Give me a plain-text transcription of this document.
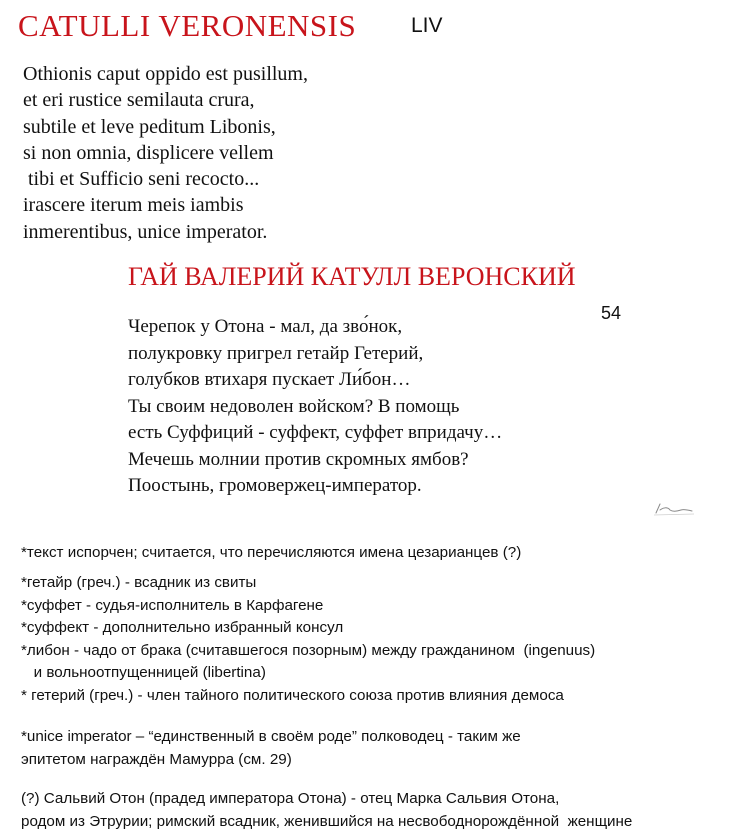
CATULLI VERONENSIS	LIV
Othionis caput oppido est pusillum,
et eri rustice semilauta crura,
subtile et leve peditum Libonis,
si non omnia, displicere vellem
tibi et Sufficio seni recocto...
irascere iterum meis iambis
inmerentibus, unice imperator.
ГАЙ ВАЛЕРИЙ КАТУЛЛ ВЕРОНСКИЙ
54
Черепок у Отона - мал, да зво́нок,
полукровку пригрел гетайр Гетерий,
голубков втихаря пускает Ли́бон…
Ты своим недоволен войском? В помощь
есть Суффиций - суффект, суффет впридачу…
Мечешь молнии против скромных ямбов?
Поостынь, громовержец-император.
*текст испорчен; считается, что перечисляются имена цезарианцев (?)
*гетайр (греч.) - всадник из свиты
*суффет - судья-исполнитель в Карфагене
*суффект - дополнительно избранный консул
*либон - чадо от брака (считавшегося позорным) между гражданином  (ingenuus)
и вольноотпущенницей (libertina)
* гетерий (греч.) - член тайного политического союза против влияния демоса
*unice imperator – “единственный в своём роде” полководец - таким же
эпитетом награждён Мамурра (см. 29)
(?) Сальвий Отон (прадед императора Отона) - отец Марка Сальвия Отона,
родом из Этрурии; римский всадник, женившийся на несвободнорождённой  женщине
